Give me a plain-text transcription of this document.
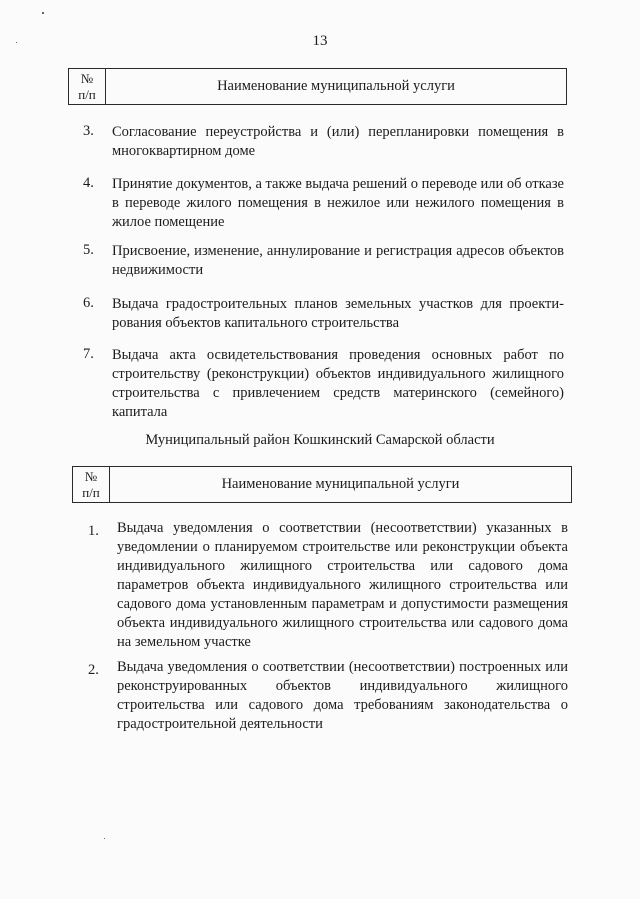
13
№
п/п	Наименование муниципальной услуги
3. Согласование переустройства и (или) перепланировки помещения в многоквартирном доме
4. Принятие документов, а также выдача решений о переводе или об отказе в переводе жилого помещения в нежилое или нежилого помещения в жилое помещение
5. Присвоение, изменение, аннулирование и регистрация адресов объектов недвижимости
6. Выдача градостроительных планов земельных участков для проектирования объектов капитального строительства
7. Выдача акта освидетельствования проведения основных работ по строительству (реконструкции) объектов индивидуального жилищного строительства с привлечением средств материнского (семейного) капитала
Муниципальный район Кошкинский Самарской области
№
п/п	Наименование муниципальной услуги
1. Выдача уведомления о соответствии (несоответствии) указанных в уведомлении о планируемом строительстве или реконструкции объекта индивидуального жилищного строительства или садового дома параметров объекта индивидуального жилищного строительства или садового дома установленным параметрам и допустимости размещения объекта индивидуального жилищного строительства или садового дома на земельном участке
2. Выдача уведомления о соответствии (несоответствии) построенных или реконструированных объектов индивидуального жилищного строительства или садового дома требованиям законодательства о градостроительной деятельности
